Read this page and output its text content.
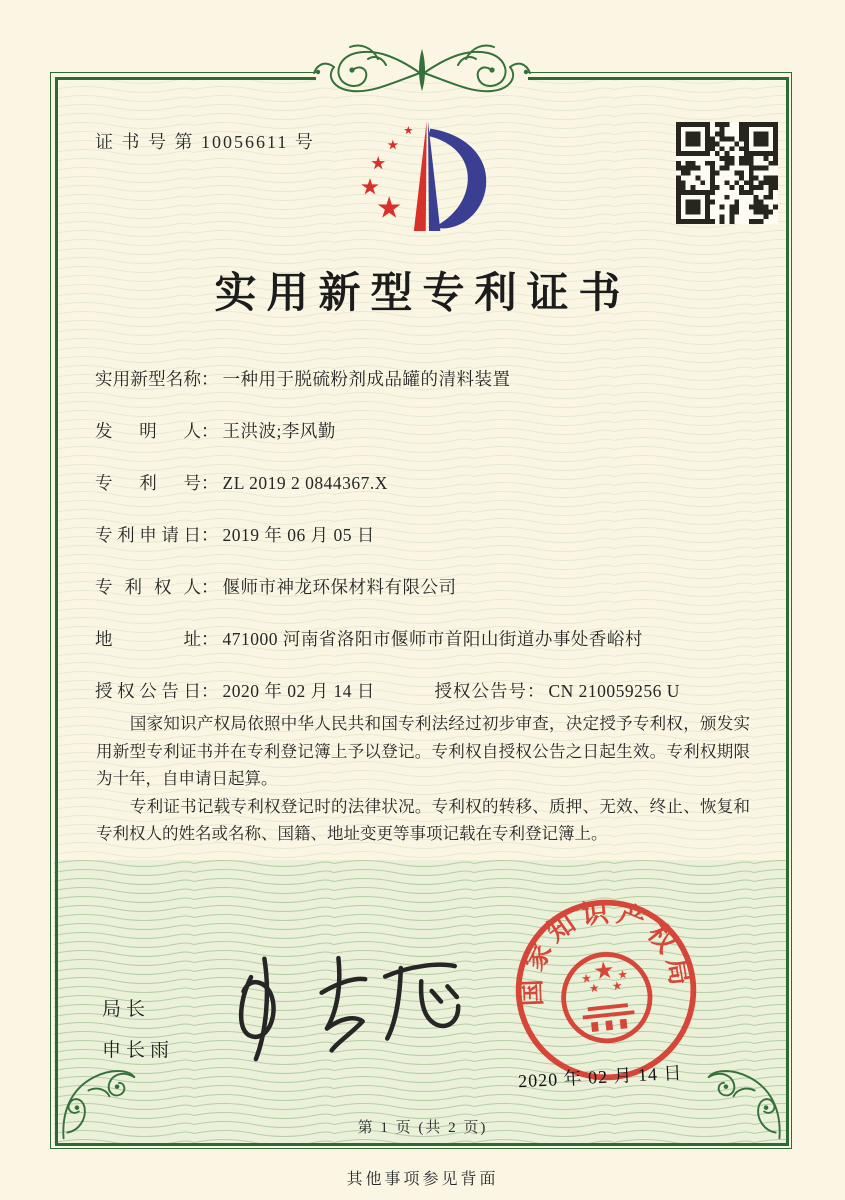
证 书 号 第 10056611 号
实用新型专利证书
实用新型名称： 一种用于脱硫粉剂成品罐的清料装置
发明人： 王洪波;李风勤
专利号： ZL 2019 2 0844367.X
专利申请日： 2019 年 06 月 05 日
专利权人： 偃师市神龙环保材料有限公司
地址： 471000 河南省洛阳市偃师市首阳山街道办事处香峪村
授权公告日： 2020 年 02 月 14 日	授权公告号： CN 210059256 U

国家知识产权局依照中华人民共和国专利法经过初步审查，决定授予专利权，颁发实用新型专利证书并在专利登记簿上予以登记。专利权自授权公告之日起生效。专利权期限为十年，自申请日起算。

专利证书记载专利权登记时的法律状况。专利权的转移、质押、无效、终止、恢复和专利权人的姓名或名称、国籍、地址变更等事项记载在专利登记簿上。

局长
申长雨
国家知识产权局
2020 年 02 月 14 日
第 1 页 (共 2 页)
其他事项参见背面
